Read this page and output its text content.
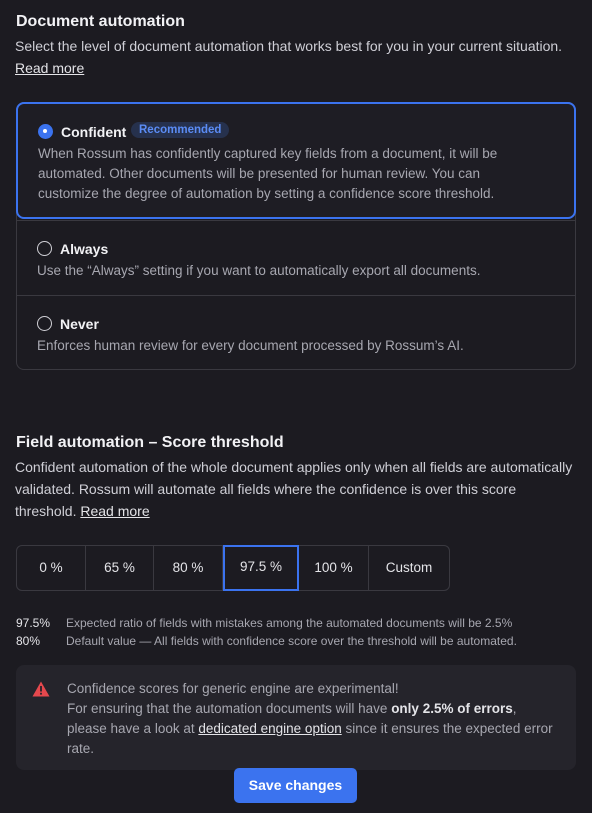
Document automation
Select the level of document automation that works best for you in your current situation. Read more
Confident	Recommended
When Rossum has confidently captured key fields from a document, it will be automated. Other documents will be presented for human review. You can customize the degree of automation by setting a confidence score threshold.
Always
Use the “Always” setting if you want to automatically export all documents.
Never
Enforces human review for every document processed by Rossum’s AI.
Field automation – Score threshold
Confident automation of the whole document applies only when all fields are automatically validated. Rossum will automate all fields where the confidence is over this score threshold. Read more
0 %	65 %	80 %	97.5 %	100 %	Custom
97.5% Expected ratio of fields with mistakes among the automated documents will be 2.5%
80% Default value — All fields with confidence score over the threshold will be automated.
Confidence scores for generic engine are experimental!
For ensuring that the automation documents will have only 2.5% of errors, please have a look at dedicated engine option since it ensures the expected error rate.
Save changes
